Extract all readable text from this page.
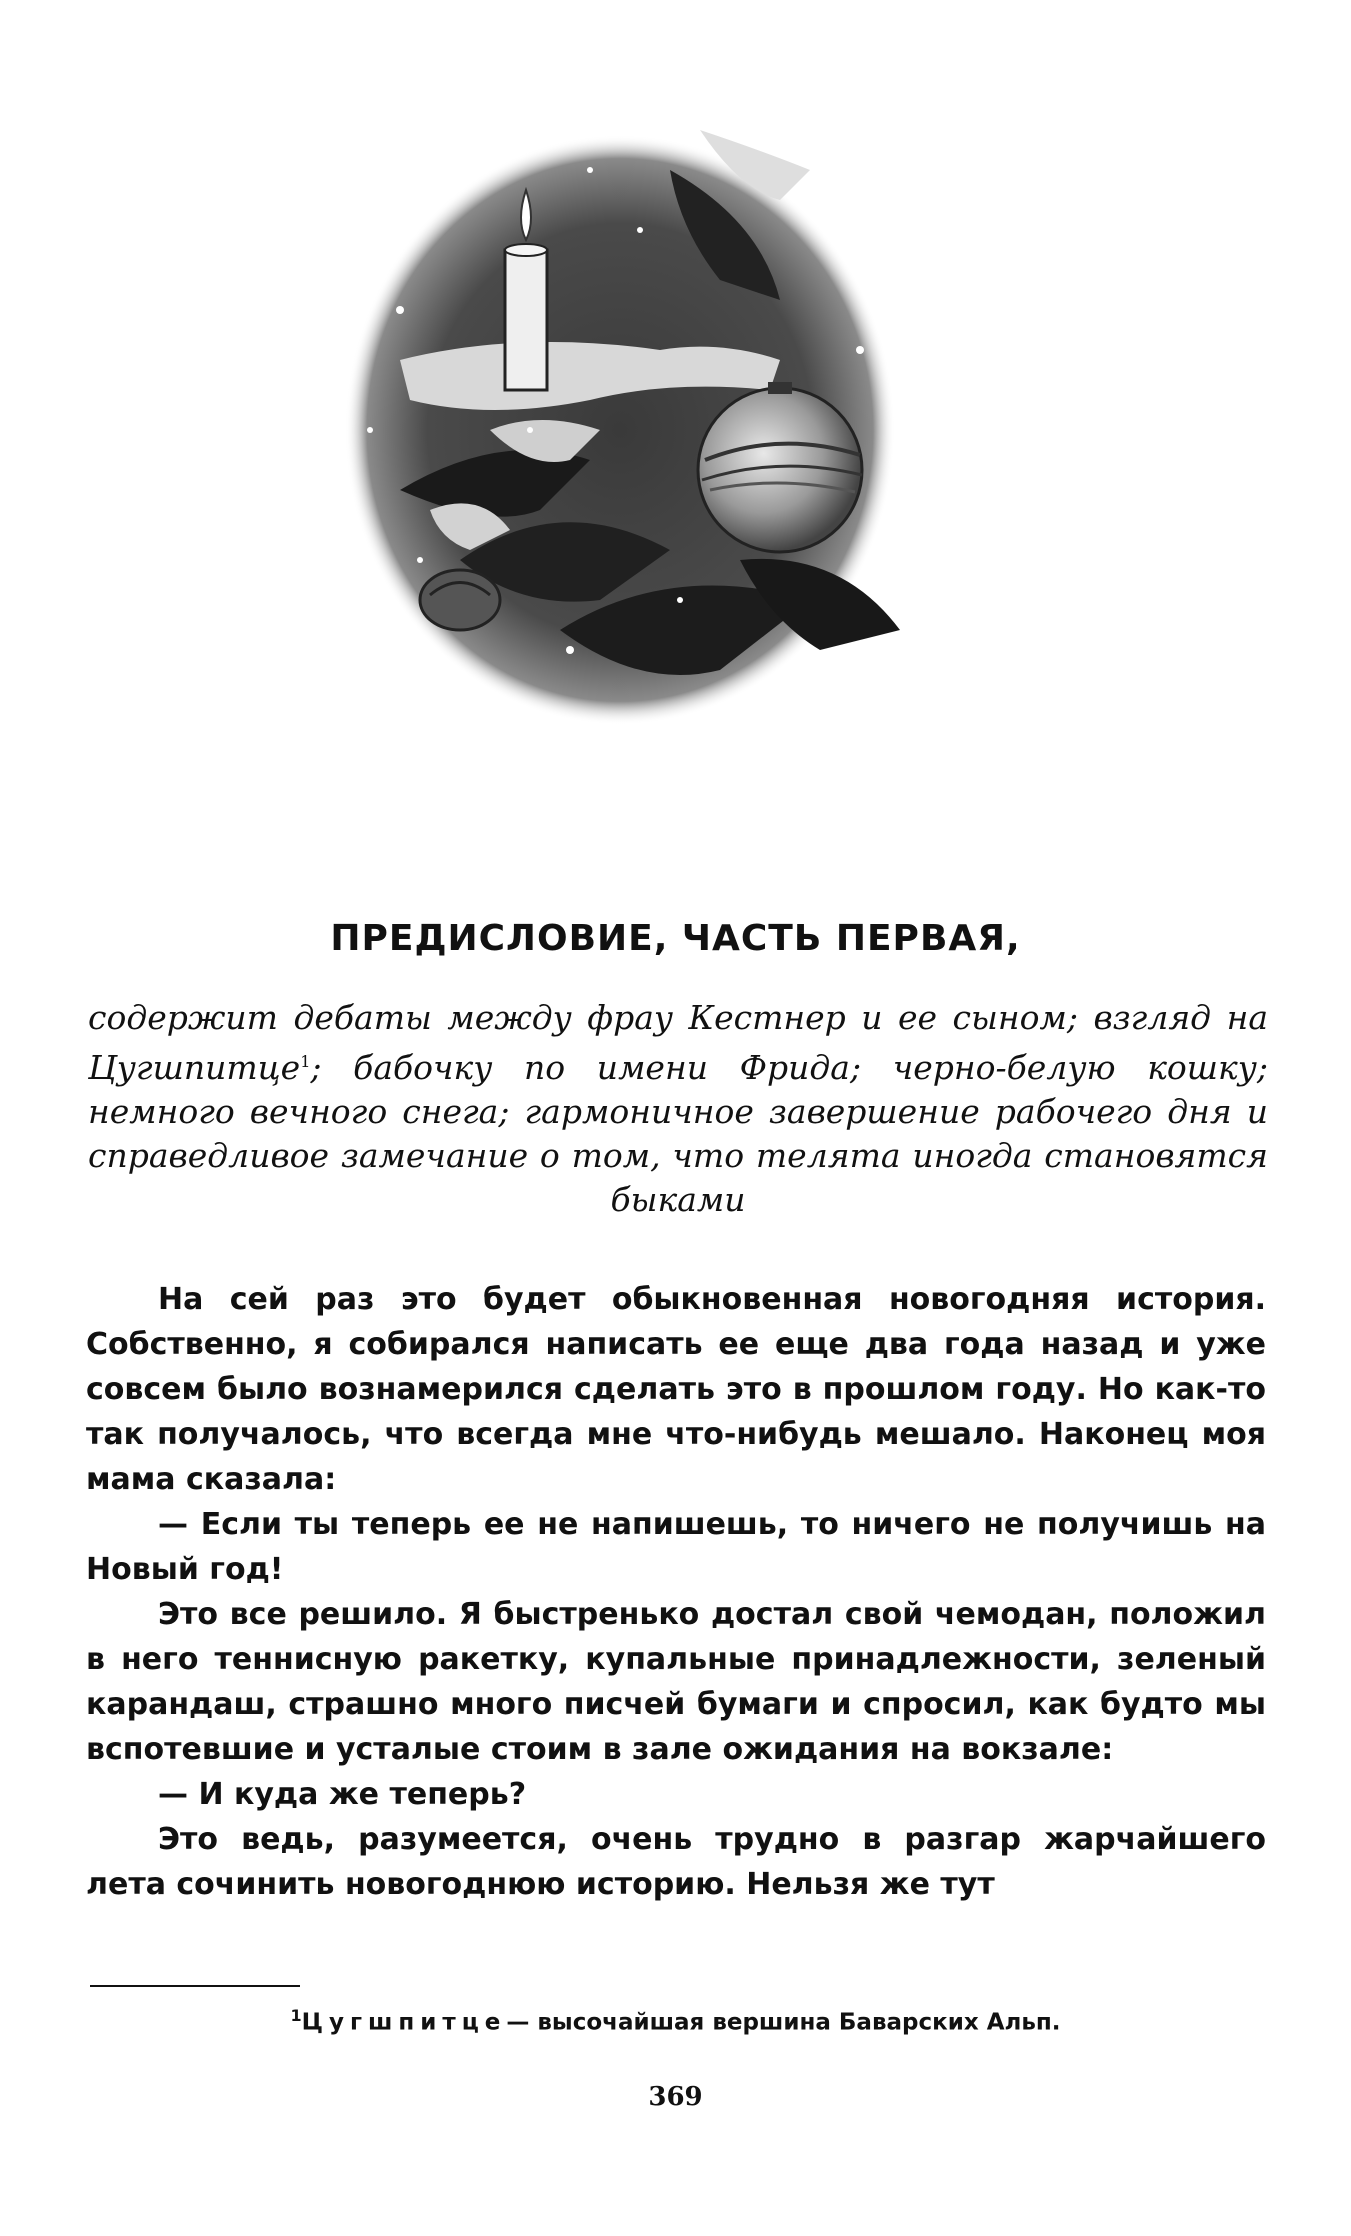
ПРЕДИСЛОВИЕ, ЧАСТЬ ПЕРВАЯ,

содержит дебаты между фрау Кестнер и ее сыном; взгляд на Цугшпитце$^1$; бабочку по имени Фрида; черно-белую кошку; немного вечного снега; гармоничное завершение рабочего дня и справедливое замечание о том, что телята иногда становятся быками

На сей раз это будет обыкновенная новогодняя история. Собственно, я собирался написать ее еще два года назад и уже совсем было вознамерился сделать это в прошлом году. Но как-то так получалось, что всегда мне что-нибудь мешало. Наконец моя мама сказала:

— Если ты теперь ее не напишешь, то ничего не получишь на Новый год!

Это все решило. Я быстренько достал свой чемодан, положил в него теннисную ракетку, купальные принадлежности, зеленый карандаш, страшно много писчей бумаги и спросил, как будто мы вспотевшие и усталые стоим в зале ожидания на вокзале:

— И куда же теперь?

Это ведь, разумеется, очень трудно в разгар жарчайшего лета сочинить новогоднюю историю. Нельзя же тут

$^1$Цугшпитце— высочайшая вершина Баварских Альп.
369
